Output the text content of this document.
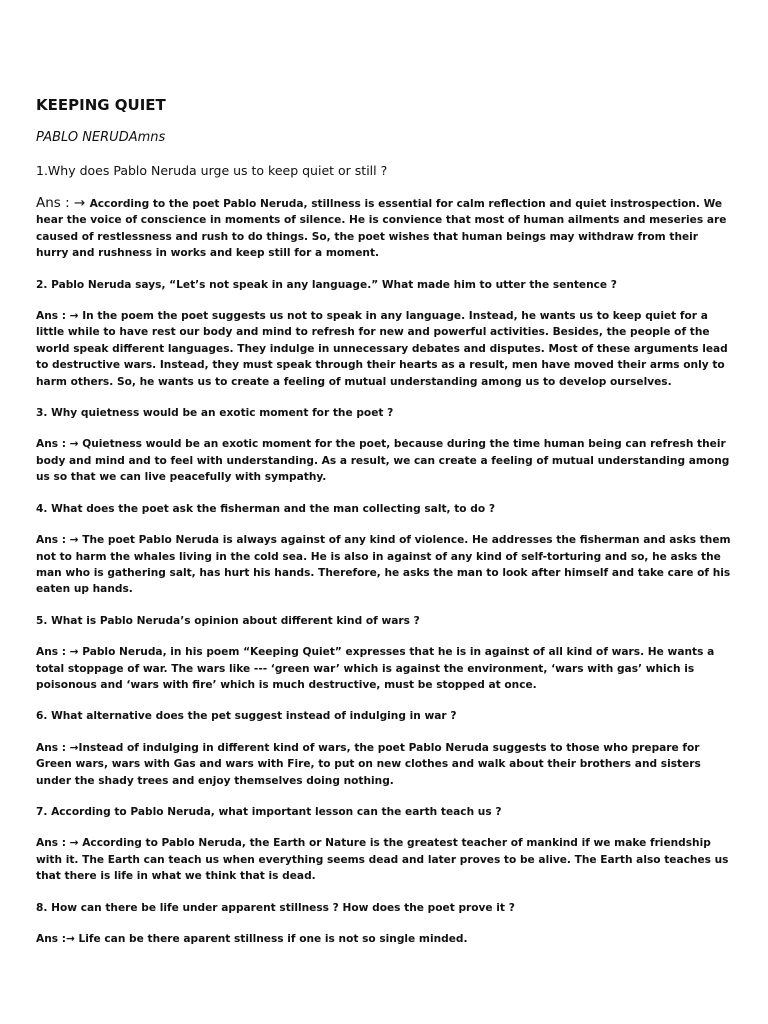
KEEPING QUIET
PABLO NERUDAmns
1.Why does Pablo Neruda urge us to keep quiet or still ?

Ans : → According to the poet Pablo Neruda, stillness is essential for calm reflection and quiet instrospection. We hear the voice of conscience in moments of silence. He is convience that most of human ailments and meseries are caused of restlessness and rush to do things. So, the poet wishes that human beings may withdraw from their hurry and rushness in works and keep still for a moment.

2. Pablo Neruda says, “Let’s not speak in any language.” What made him to utter the sentence ?

Ans : → In the poem the poet suggests us not to speak in any language. Instead, he wants us to keep quiet for a little while to have rest our body and mind to refresh for new and powerful activities. Besides, the people of the world speak different languages. They indulge in unnecessary debates and disputes. Most of these arguments lead to destructive wars. Instead, they must speak through their hearts as a result, men have moved their arms only to harm others. So, he wants us to create a feeling of mutual understanding among us to develop ourselves.

3. Why quietness would be an exotic moment for the poet ?

Ans : → Quietness would be an exotic moment for the poet, because during the time human being can refresh their body and mind and to feel with understanding. As a result, we can create a feeling of mutual understanding among us so that we can live peacefully with sympathy.

4. What does the poet ask the fisherman and the man collecting salt, to do ?

Ans : → The poet Pablo Neruda is always against of any kind of violence. He addresses the fisherman and asks them not to harm the whales living in the cold sea. He is also in against of any kind of self-torturing and so, he asks the man who is gathering salt, has hurt his hands. Therefore, he asks the man to look after himself and take care of his eaten up hands.

5. What is Pablo Neruda’s opinion about different kind of wars ?

Ans : → Pablo Neruda, in his poem “Keeping Quiet” expresses that he is in against of all kind of wars. He wants a total stoppage of war. The wars like --- ‘green war’ which is against the environment, ‘wars with gas’ which is poisonous and ‘wars with fire’ which is much destructive, must be stopped at once.

6. What alternative does the pet suggest instead of indulging in war ?

Ans : →Instead of indulging in different kind of wars, the poet Pablo Neruda suggests to those who prepare for Green wars, wars with Gas and wars with Fire, to put on new clothes and walk about their brothers and sisters under the shady trees and enjoy themselves doing nothing.

7. According to Pablo Neruda, what important lesson can the earth teach us ?

Ans : → According to Pablo Neruda, the Earth or Nature is the greatest teacher of mankind if we make friendship with it. The Earth can teach us when everything seems dead and later proves to be alive. The Earth also teaches us that there is life in what we think that is dead.

8. How can there be life under apparent stillness ? How does the poet prove it ?

Ans :→ Life can be there aparent stillness if one is not so single minded.
